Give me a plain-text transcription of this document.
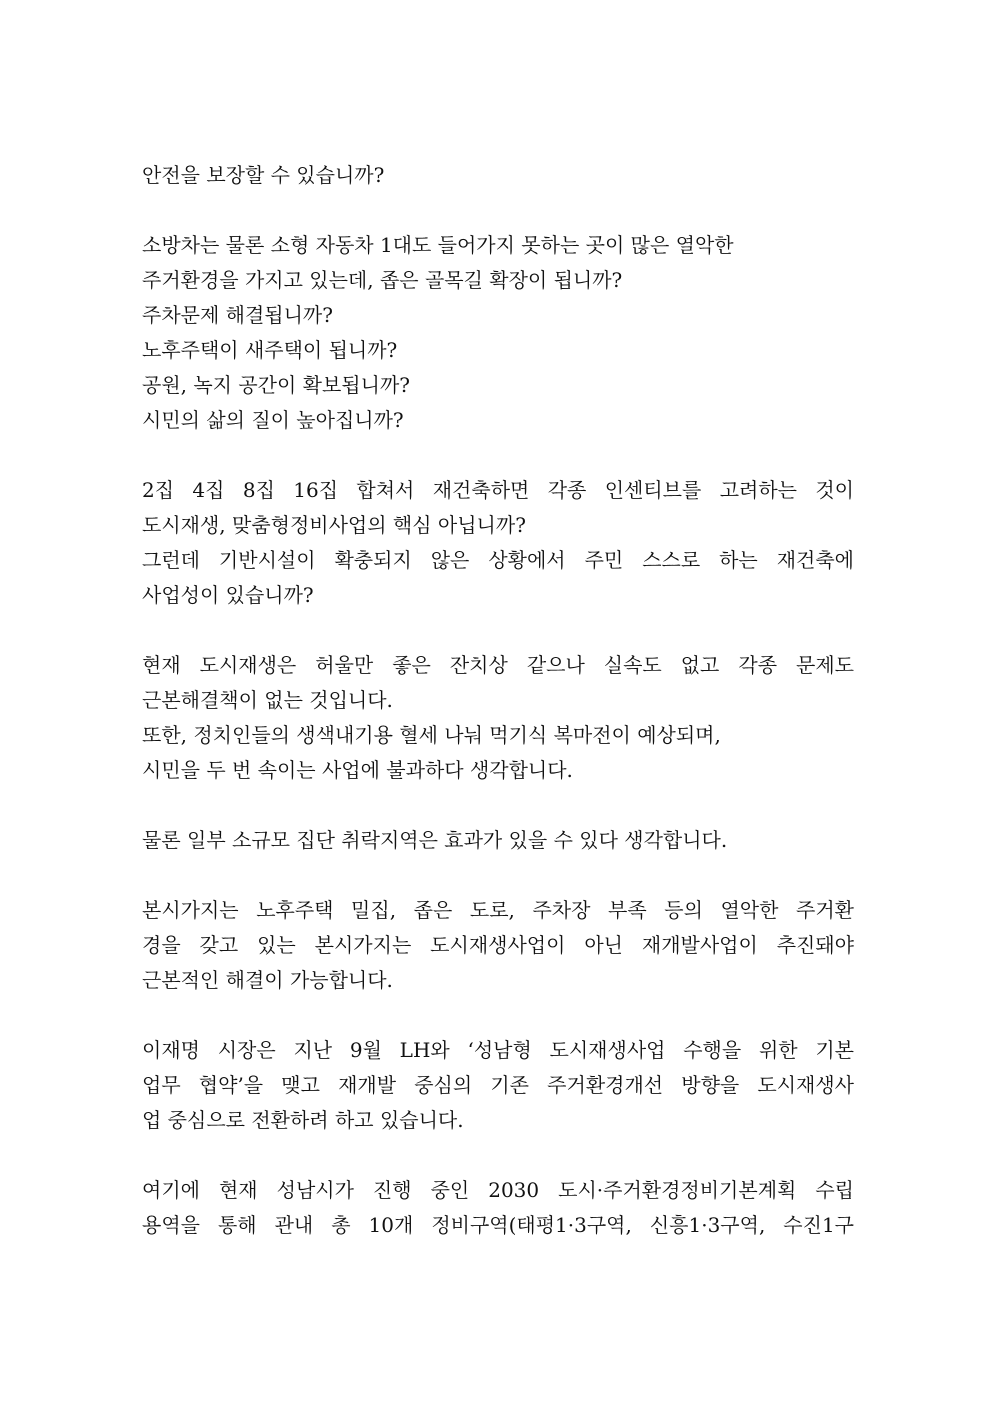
안전을 보장할 수 있습니까?
소방차는 물론 소형 자동차 1대도 들어가지 못하는 곳이 많은 열악한
주거환경을 가지고 있는데, 좁은 골목길 확장이 됩니까?
주차문제 해결됩니까?
노후주택이 새주택이 됩니까?
공원, 녹지 공간이 확보됩니까?
시민의 삶의 질이 높아집니까?
2집 4집 8집 16집 합쳐서 재건축하면 각종 인센티브를 고려하는 것이
도시재생, 맞춤형정비사업의 핵심 아닙니까?
그런데 기반시설이 확충되지 않은 상황에서 주민 스스로 하는 재건축에
사업성이 있습니까?
현재 도시재생은 허울만 좋은 잔치상 같으나 실속도 없고 각종 문제도
근본해결책이 없는 것입니다.
또한, 정치인들의 생색내기용 혈세 나눠 먹기식 복마전이 예상되며,
시민을 두 번 속이는 사업에 불과하다 생각합니다.
물론 일부 소규모 집단 취락지역은 효과가 있을 수 있다 생각합니다.
본시가지는 노후주택 밀집, 좁은 도로, 주차장 부족 등의 열악한 주거환
경을 갖고 있는 본시가지는 도시재생사업이 아닌 재개발사업이 추진돼야
근본적인 해결이 가능합니다.
이재명 시장은 지난 9월 LH와 ‘성남형 도시재생사업 수행을 위한 기본
업무 협약’을 맺고 재개발 중심의 기존 주거환경개선 방향을 도시재생사
업 중심으로 전환하려 하고 있습니다.
여기에 현재 성남시가 진행 중인 2030 도시·주거환경정비기본계획 수립
용역을 통해 관내 총 10개 정비구역(태평1·3구역, 신흥1·3구역, 수진1구
